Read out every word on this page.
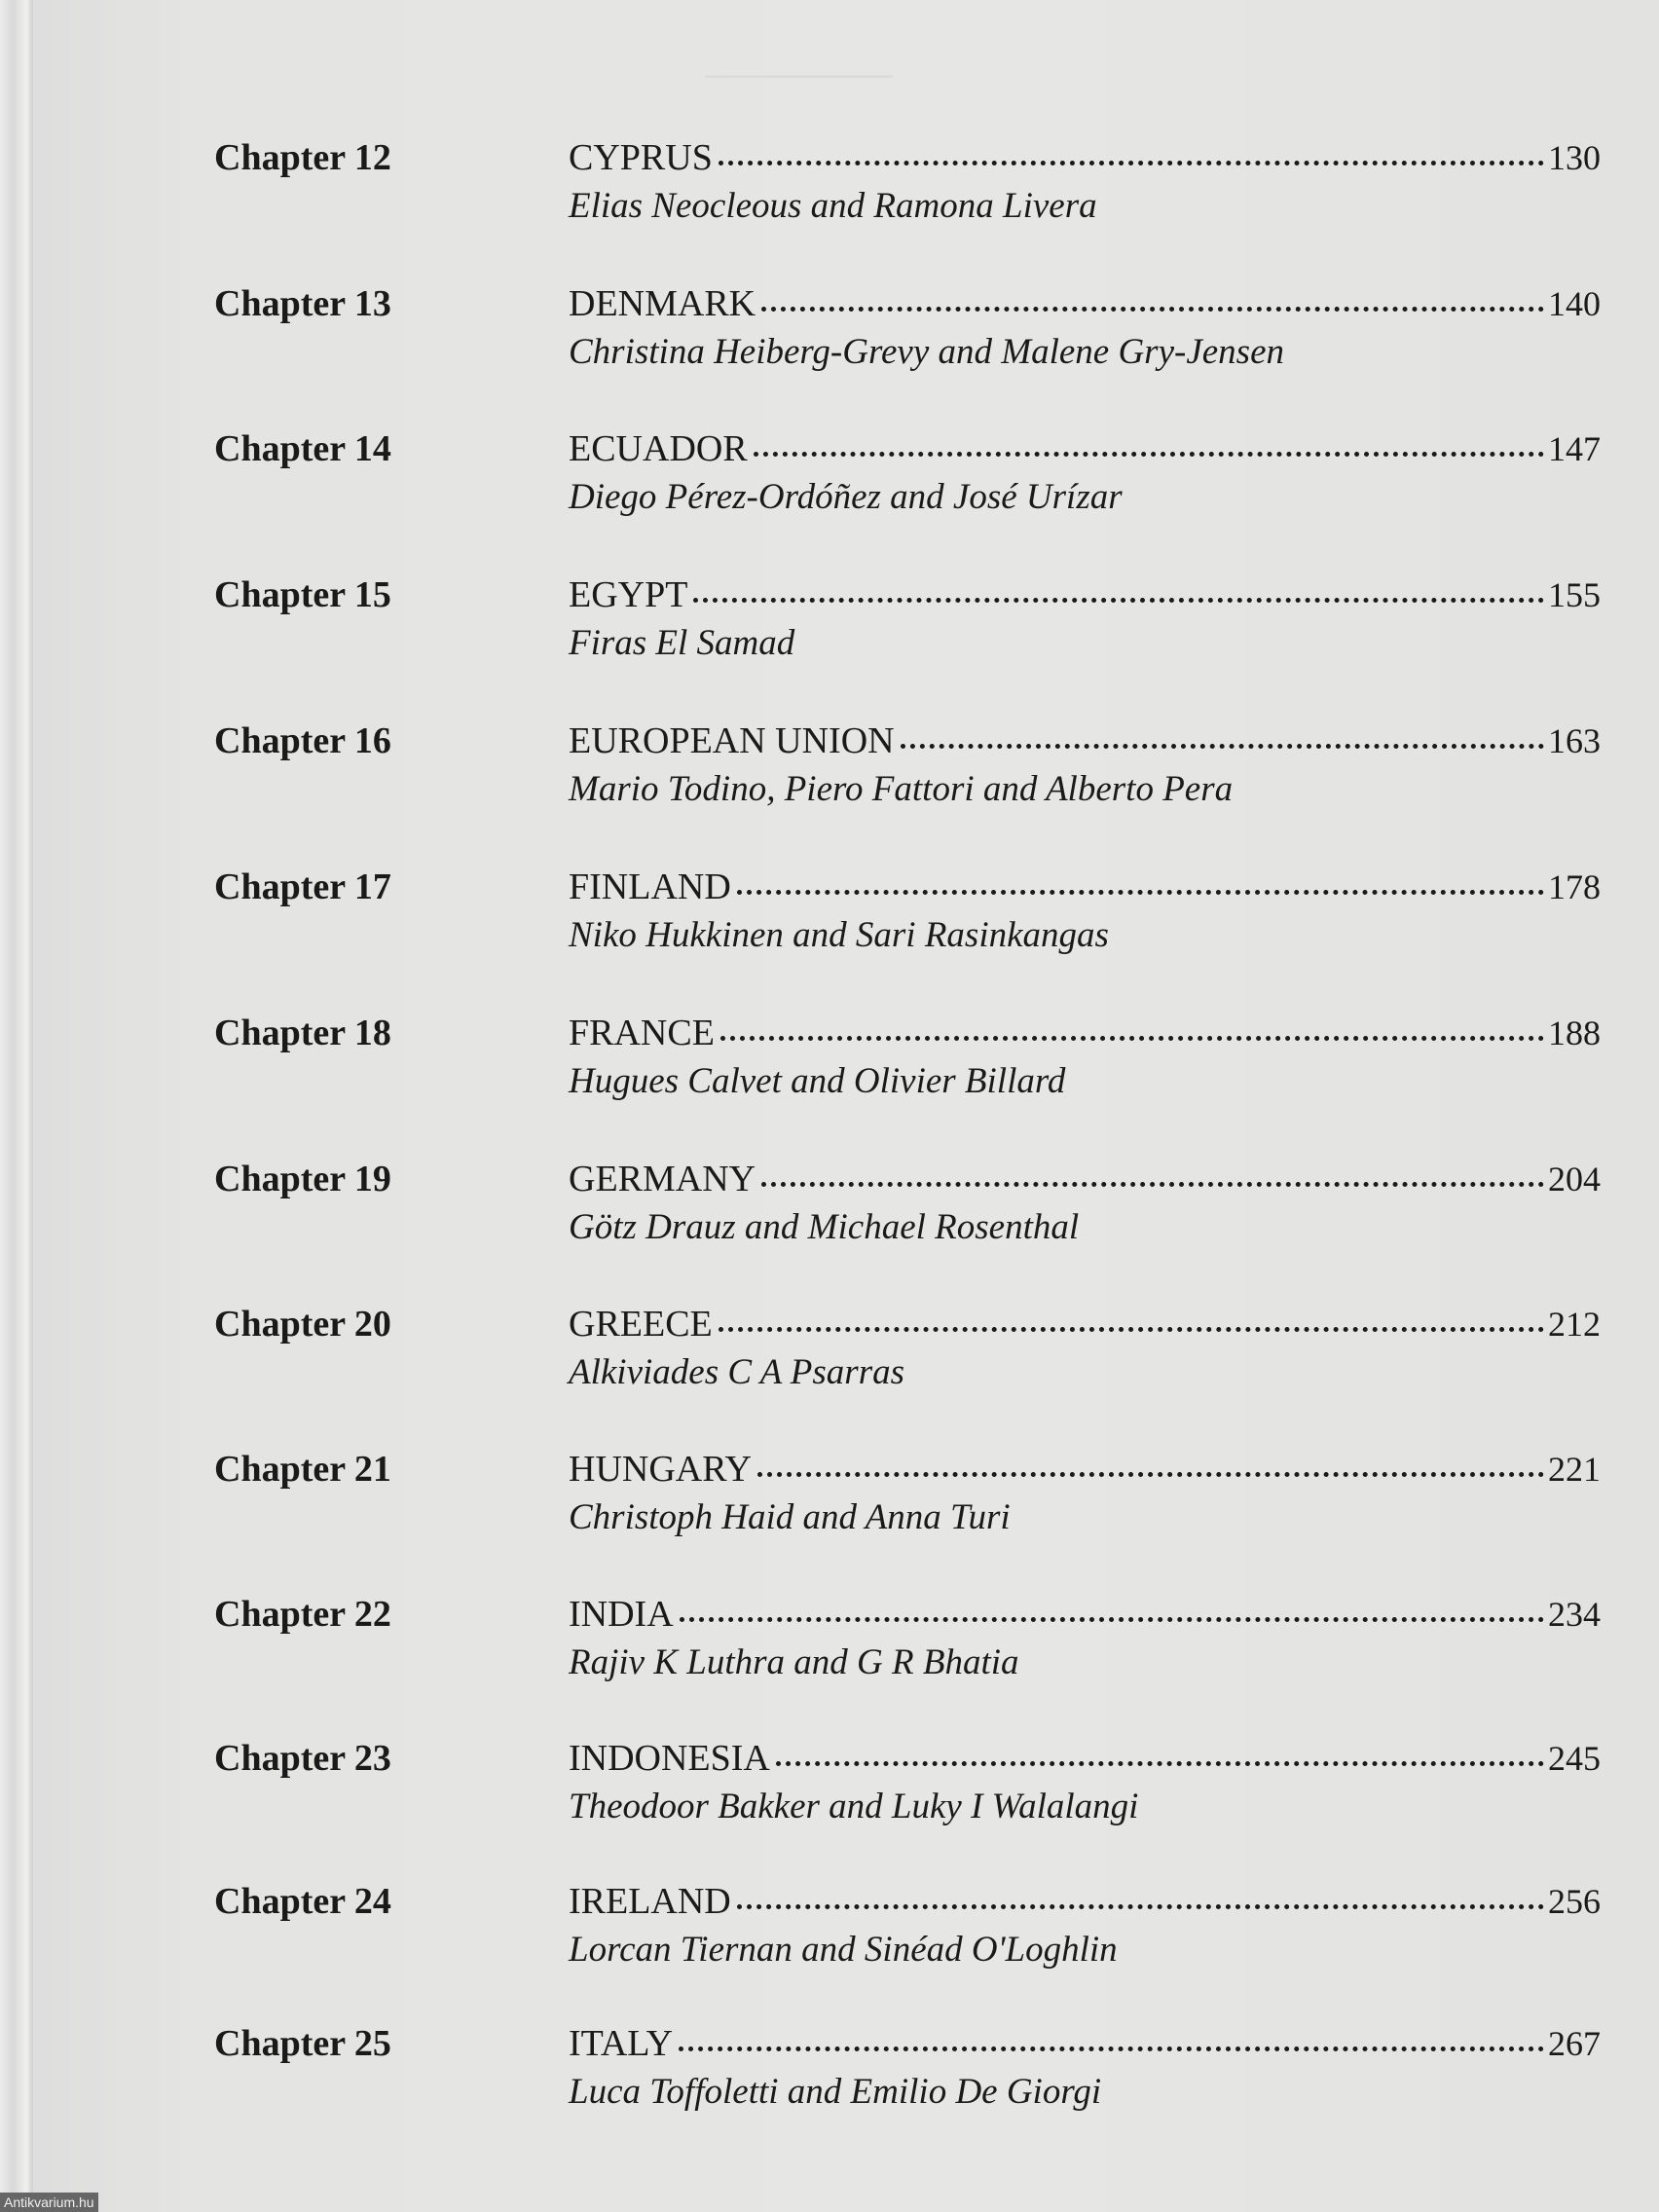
────────
Chapter 12	CYPRUS	130
Elias Neocleous and Ramona Livera
Chapter 13	DENMARK	140
Christina Heiberg-Grevy and Malene Gry-Jensen
Chapter 14	ECUADOR	147
Diego Pérez-Ordóñez and José Urízar
Chapter 15	EGYPT	155
Firas El Samad
Chapter 16	EUROPEAN UNION	163
Mario Todino, Piero Fattori and Alberto Pera
Chapter 17	FINLAND	178
Niko Hukkinen and Sari Rasinkangas
Chapter 18	FRANCE	188
Hugues Calvet and Olivier Billard
Chapter 19	GERMANY	204
Götz Drauz and Michael Rosenthal
Chapter 20	GREECE	212
Alkiviades C A Psarras
Chapter 21	HUNGARY	221
Christoph Haid and Anna Turi
Chapter 22	INDIA	234
Rajiv K Luthra and G R Bhatia
Chapter 23	INDONESIA	245
Theodoor Bakker and Luky I Walalangi
Chapter 24	IRELAND	256
Lorcan Tiernan and Sinéad O'Loghlin
Chapter 25	ITALY	267
Luca Toffoletti and Emilio De Giorgi
Antikvarium.hu
